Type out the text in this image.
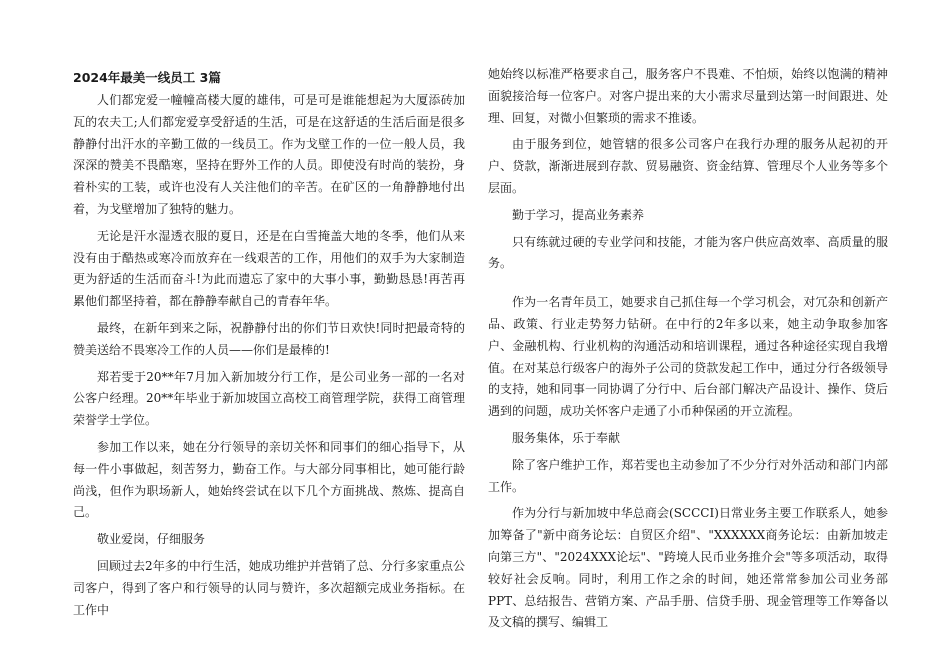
2024年最美一线员工 3篇

人们都宠爱一幢幢高楼大厦的雄伟，可是可是谁能想起为大厦添砖加瓦的农夫工;人们都宠爱享受舒适的生活，可是在这舒适的生活后面是很多静静付出汗水的辛勤工做的一线员工。作为戈壁工作的一位一般人员，我深深的赞美不畏酷寒，坚持在野外工作的人员。即使没有时尚的装扮，身着朴实的工装，或许也没有人关注他们的辛苦。在矿区的一角静静地付出着，为戈壁增加了独特的魅力。

无论是汗水湿透衣服的夏日，还是在白雪掩盖大地的冬季，他们从来没有由于酷热或寒冷而放弃在一线艰苦的工作，用他们的双手为大家制造更为舒适的生活而奋斗!为此而遗忘了家中的大事小事，勤勤恳恳!再苦再累他们都坚持着，都在静静奉献自己的青春年华。

最终，在新年到来之际，祝静静付出的你们节日欢快!同时把最奇特的赞美送给不畏寒冷工作的人员——你们是最棒的!

郑若雯于20**年7月加入新加坡分行工作，是公司业务一部的一名对公客户经理。20**年毕业于新加坡国立高校工商管理学院，获得工商管理荣誉学士学位。

参加工作以来，她在分行领导的亲切关怀和同事们的细心指导下，从每一件小事做起，刻苦努力，勤奋工作。与大部分同事相比，她可能行龄尚浅，但作为职场新人，她始终尝试在以下几个方面挑战、熬炼、提高自己。

敬业爱岗，仔细服务

回顾过去2年多的中行生活，她成功维护并营销了总、分行多家重点公司客户，得到了客户和行领导的认同与赞许，多次超额完成业务指标。在工作中

她始终以标准严格要求自己，服务客户不畏难、不怕烦，始终以饱满的精神面貌接洽每一位客户。对客户提出来的大小需求尽量到达第一时间跟进、处理、回复，对微小但繁琐的需求不推诿。

由于服务到位，她管辖的很多公司客户在我行办理的服务从起初的开户、贷款，渐渐进展到存款、贸易融资、资金结算、管理尽个人业务等多个层面。

勤于学习，提高业务素养

只有练就过硬的专业学问和技能，才能为客户供应高效率、高质量的服务。

作为一名青年员工，她要求自己抓住每一个学习机会，对冗杂和创新产品、政策、行业走势努力钻研。在中行的2年多以来，她主动争取参加客户、金融机构、行业机构的沟通活动和培训课程，通过各种途径实现自我增值。在对某总行级客户的海外子公司的贷款发起工作中，通过分行各级领导的支持，她和同事一同协调了分行中、后台部门解决产品设计、操作、贷后遇到的问题，成功关怀客户走通了小币种保函的开立流程。

服务集体，乐于奉献

除了客户维护工作，郑若雯也主动参加了不少分行对外活动和部门内部工作。

作为分行与新加坡中华总商会(SCCCI)日常业务主要工作联系人，她参加筹备了"新中商务论坛：自贸区介绍"、"XXXXXX商务论坛：由新加坡走向第三方"、"2024XXX论坛"、"跨境人民币业务推介会"等多项活动，取得较好社会反响。同时，利用工作之余的时间，她还常常参加公司业务部PPT、总结报告、营销方案、产品手册、信贷手册、现金管理等工作筹备以及文稿的撰写、编辑工
